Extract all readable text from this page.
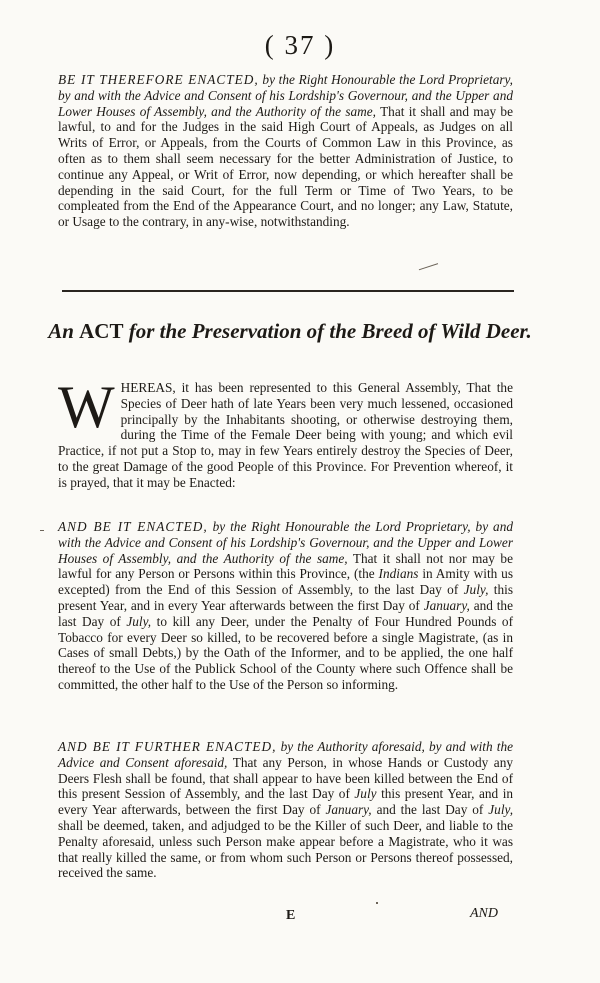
( 37 )
BE IT THEREFORE ENACTED, by the Right Honourable the Lord Proprietary, by and with the Advice and Consent of his Lordship's Governour, and the Upper and Lower Houses of Assembly, and the Authority of the same, That it shall and may be lawful, to and for the Judges in the said High Court of Appeals, as Judges on all Writs of Error, or Appeals, from the Courts of Common Law in this Province, as often as to them shall seem necessary for the better Administration of Justice, to continue any Appeal, or Writ of Error, now depending, or which hereafter shall be depending in the said Court, for the full Term or Time of Two Years, to be compleated from the End of the Appearance Court, and no longer; any Law, Statute, or Usage to the contrary, in any-wise, notwithstanding.
An ACT for the Preservation of the Breed of Wild Deer.
WHEREAS, it has been represented to this General Assembly, That the Species of Deer hath of late Years been very much lessened, occasioned principally by the Inhabitants shooting, or otherwise destroying them, during the Time of the Female Deer being with young; and which evil Practice, if not put a Stop to, may in few Years entirely destroy the Species of Deer, to the great Damage of the good People of this Province. For Prevention whereof, it is prayed, that it may be Enacted:
AND BE IT ENACTED, by the Right Honourable the Lord Proprietary, by and with the Advice and Consent of his Lordship's Governour, and the Upper and Lower Houses of Assembly, and the Authority of the same, That it shall not nor may be lawful for any Person or Persons within this Province, (the Indians in Amity with us excepted) from the End of this Session of Assembly, to the last Day of July, this present Year, and in every Year afterwards between the first Day of January, and the last Day of July, to kill any Deer, under the Penalty of Four Hundred Pounds of Tobacco for every Deer so killed, to be recovered before a single Magistrate, (as in Cases of small Debts,) by the Oath of the Informer, and to be applied, the one half thereof to the Use of the Publick School of the County where such Offence shall be committed, the other half to the Use of the Person so informing.
AND BE IT FURTHER ENACTED, by the Authority aforesaid, by and with the Advice and Consent aforesaid, That any Person, in whose Hands or Custody any Deers Flesh shall be found, that shall appear to have been killed between the End of this present Session of Assembly, and the last Day of July this present Year, and in every Year afterwards, between the first Day of January, and the last Day of July, shall be deemed, taken, and adjudged to be the Killer of such Deer, and liable to the Penalty aforesaid, unless such Person make appear before a Magistrate, who it was that really killed the same, or from whom such Person or Persons thereof possessed, received the same.
E	AND
